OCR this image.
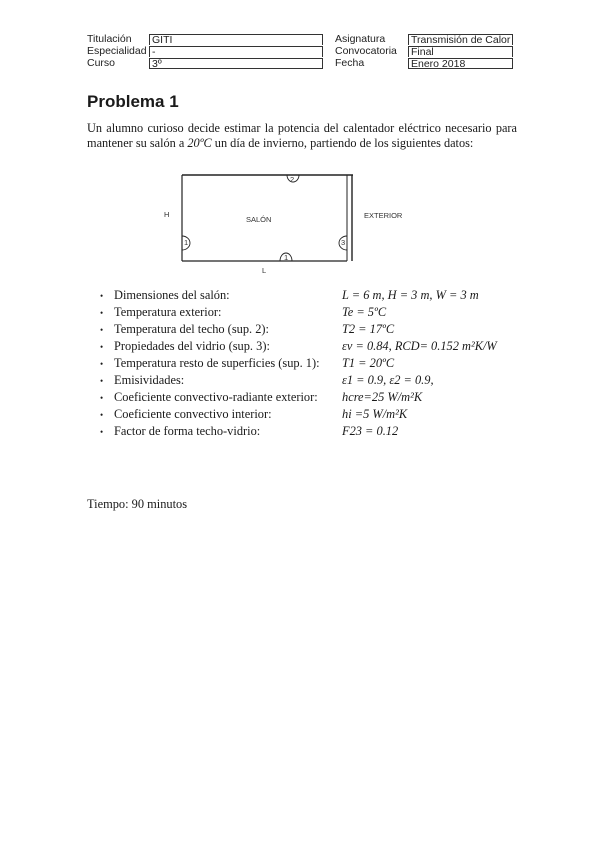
Titulación
Especialidad
Curso
GITI
-
3º
Asignatura
Convocatoria
Fecha
Transmisión de Calor
Final
Enero 2018
Problema 1
Un alumno curioso decide estimar la potencia del calentador eléctrico necesario para mantener su salón a 20ºC un día de invierno, partiendo de los siguientes datos:
2
1
1
3
H
SALÓN	EXTERIOR
L
• Dimensiones del salón:
• Temperatura exterior:
• Temperatura del techo (sup. 2):
• Propiedades del vidrio (sup. 3):
• Temperatura resto de superficies (sup. 1):
• Emisividades:
• Coeficiente convectivo-radiante exterior:
• Coeficiente convectivo interior:
• Factor de forma techo-vidrio:
L = 6 m, H = 3 m, W = 3 m
Te = 5ºC
T2 = 17ºC
εv = 0.84, RCD= 0.152 m²K/W
T1 = 20ºC
ε1 = 0.9, ε2 = 0.9,
hcre=25 W/m²K
hi =5 W/m²K
F23 = 0.12
Tiempo: 90 minutos
